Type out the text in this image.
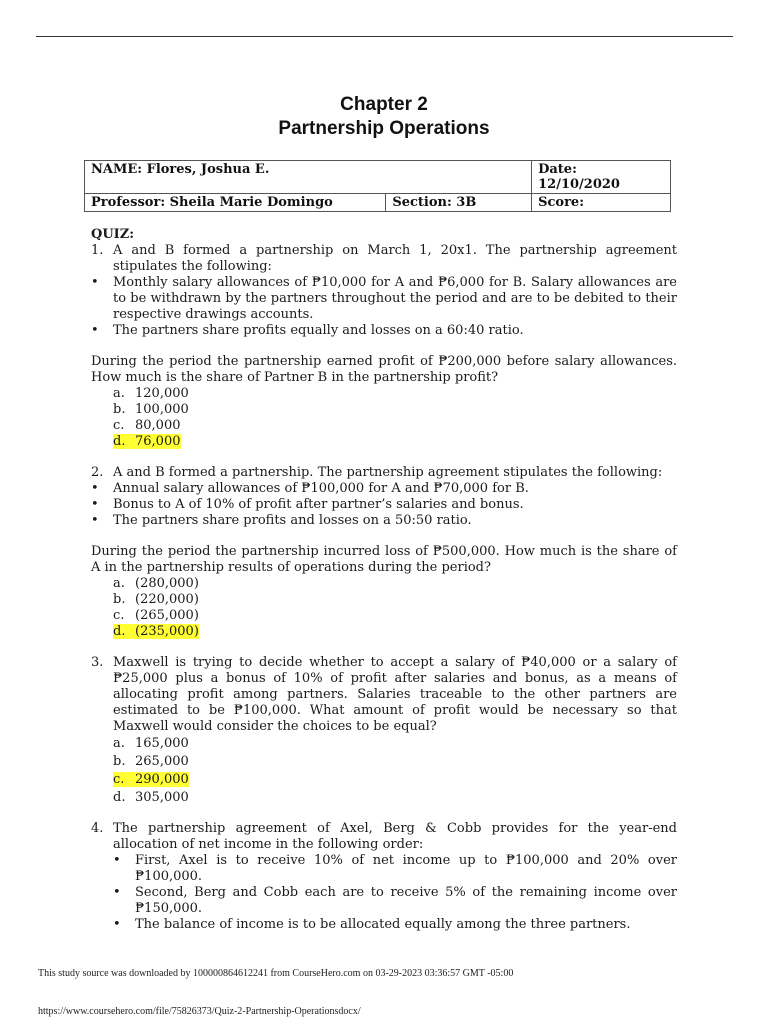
Chapter 2
Partnership Operations
NAME: Flores, Joshua E.		Date:
12/10/2020

Professor: Sheila Marie Domingo	Section: 3B	Score:

QUIZ:

1. A and B formed a partnership on March 1, 20x1. The partnership agreement stipulates the following:
•	Monthly salary allowances of ₱10,000 for A and ₱6,000 for B. Salary allowances are to be withdrawn by the partners throughout the period and are to be debited to their respective drawings accounts.
•	The partners share profits equally and losses on a 60:40 ratio.

During the period the partnership earned profit of ₱200,000 before salary allowances. How much is the share of Partner B in the partnership profit?

a. 120,000
b. 100,000
c. 80,000
d. 76,000
2. A and B formed a partnership. The partnership agreement stipulates the following:
•	Annual salary allowances of ₱100,000 for A and ₱70,000 for B.
•	Bonus to A of 10% of profit after partner’s salaries and bonus.
•	The partners share profits and losses on a 50:50 ratio.

During the period the partnership incurred loss of ₱500,000. How much is the share of A in the partnership results of operations during the period?

a. (280,000)
b. (220,000)
c. (265,000)
d. (235,000)
3. Maxwell is trying to decide whether to accept a salary of ₱40,000 or a salary of ₱25,000 plus a bonus of 10% of profit after salaries and bonus, as a means of allocating profit among partners. Salaries traceable to the other partners are estimated to be ₱100,000. What amount of profit would be necessary so that Maxwell would consider the choices to be equal?
a. 165,000
b. 265,000
c. 290,000
d. 305,000
4. The partnership agreement of Axel, Berg & Cobb provides for the year-end allocation of net income in the following order:
•	First, Axel is to receive 10% of net income up to ₱100,000 and 20% over ₱100,000.
•	Second, Berg and Cobb each are to receive 5% of the remaining income over ₱150,000.
•	The balance of income is to be allocated equally among the three partners.
This study source was downloaded by 100000864612241 from CourseHero.com on 03-29-2023 03:36:57 GMT -05:00
https://www.coursehero.com/file/75826373/Quiz-2-Partnership-Operationsdocx/
